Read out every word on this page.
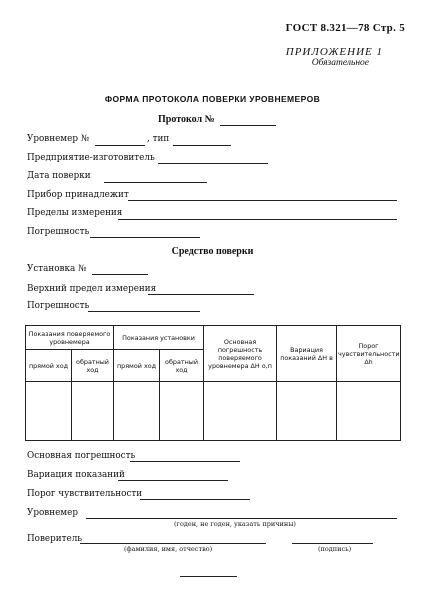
ГОСТ 8.321—78 Стр. 5
ПРИЛОЖЕНИЕ 1
Обязательное
ФОРМА ПРОТОКОЛА ПОВЕРКИ УРОВНЕМЕРОВ
Протокол №
Уровнемер №	, тип
Предприятие-изготовитель
Дата поверки
Прибор принадлежит
Пределы измерения
Погрешность
Средство поверки
Установка №
Верхний предел измерения
Погрешность
Показания поверяемого уровнемера		Показания установки		Основная погрешность поверяемого уровнемера ΔH о,п	Вариация показаний ΔH в	Порог чувствительности Δh
прямой ход	обратный ход	прямой ход	обратный ход			

Основная погрешность
Вариация показаний
Порог чувствительности
Уровнемер
(годен, не годен, указать причины)
Поверитель
(фамилия, имя, отчество)	(подпись)
